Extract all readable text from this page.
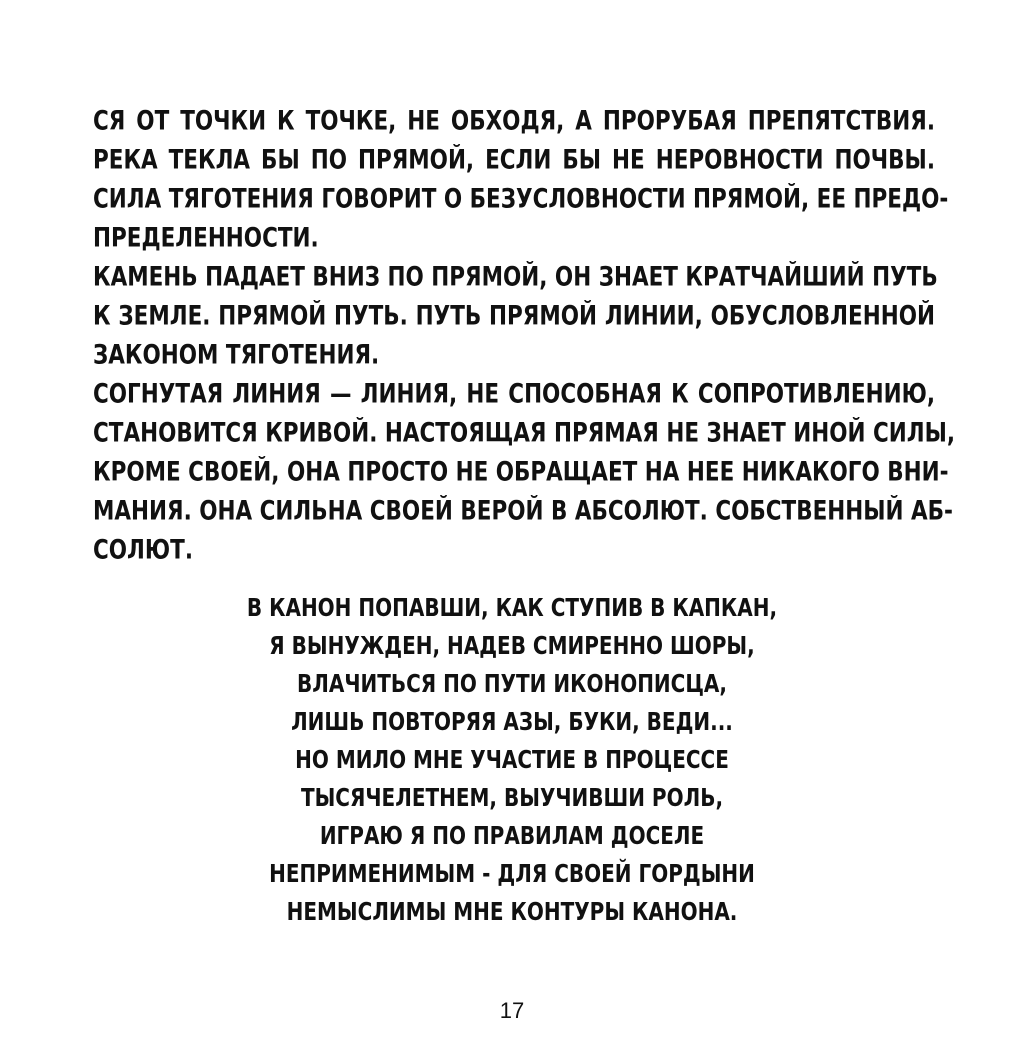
СЯ ОТ ТОЧКИ К ТОЧКЕ, НЕ ОБХОДЯ, А ПРОРУБАЯ ПРЕПЯТСТВИЯ.
РЕКА ТЕКЛА БЫ ПО ПРЯМОЙ, ЕСЛИ БЫ НЕ НЕРОВНОСТИ ПОЧВЫ.
СИЛА ТЯГОТЕНИЯ ГОВОРИТ О БЕЗУСЛОВНОСТИ ПРЯМОЙ, ЕЕ ПРЕДО-
ПРЕДЕЛЕННОСТИ.
КАМЕНЬ ПАДАЕТ ВНИЗ ПО ПРЯМОЙ, ОН ЗНАЕТ КРАТЧАЙШИЙ ПУТЬ
К ЗЕМЛЕ. ПРЯМОЙ ПУТЬ. ПУТЬ ПРЯМОЙ ЛИНИИ, ОБУСЛОВЛЕННОЙ
ЗАКОНОМ ТЯГОТЕНИЯ.
СОГНУТАЯ ЛИНИЯ — ЛИНИЯ, НЕ СПОСОБНАЯ К СОПРОТИВЛЕНИЮ,
СТАНОВИТСЯ КРИВОЙ. НАСТОЯЩАЯ ПРЯМАЯ НЕ ЗНАЕТ ИНОЙ СИЛЫ,
КРОМЕ СВОЕЙ, ОНА ПРОСТО НЕ ОБРАЩАЕТ НА НЕЕ НИКАКОГО ВНИ-
МАНИЯ. ОНА СИЛЬНА СВОЕЙ ВЕРОЙ В АБСОЛЮТ. СОБСТВЕННЫЙ АБ-
СОЛЮТ.
В КАНОН ПОПАВШИ, КАК СТУПИВ В КАПКАН,
Я ВЫНУЖДЕН, НАДЕВ СМИРЕННО ШОРЫ,
ВЛАЧИТЬСЯ ПО ПУТИ ИКОНОПИСЦА,
ЛИШЬ ПОВТОРЯЯ АЗЫ, БУКИ, ВЕДИ...
НО МИЛО МНЕ УЧАСТИЕ В ПРОЦЕССЕ
ТЫСЯЧЕЛЕТНЕМ, ВЫУЧИВШИ РОЛЬ,
ИГРАЮ Я ПО ПРАВИЛАМ ДОСЕЛЕ
НЕПРИМЕНИМЫМ - ДЛЯ СВОЕЙ ГОРДЫНИ
НЕМЫСЛИМЫ МНЕ КОНТУРЫ КАНОНА.
17
